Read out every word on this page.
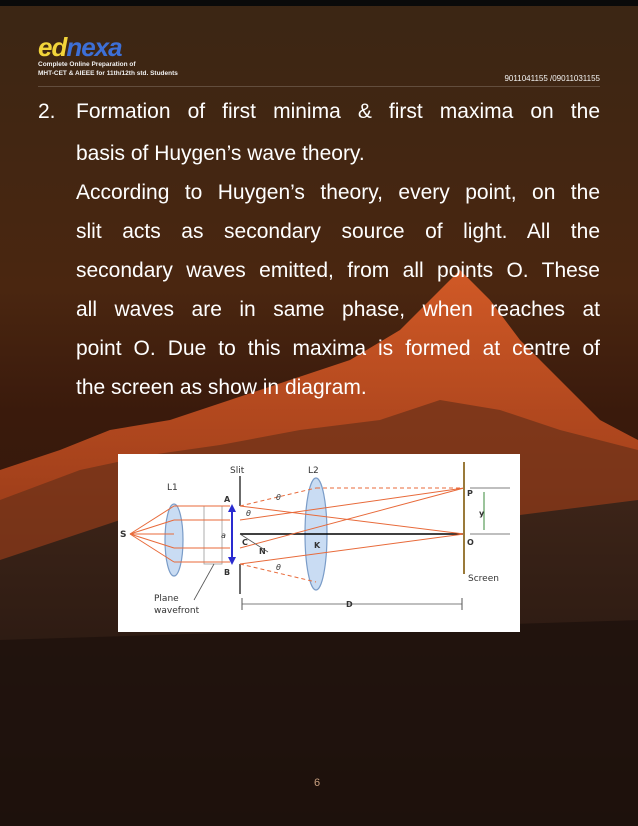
ednexa
Complete Online Preparation of
MHT-CET & AIEEE for 11th/12th std. Students
9011041155 /09011031155
2. Formation of first minima & first maxima on the
basis of Huygen’s wave theory.
According to Huygen’s theory, every point, on the
slit acts as secondary source of light. All the
secondary waves emitted, from all points O. These
all waves are in same phase, when reaches at
point O. Due to this maxima is formed at centre of
the screen as show in diagram.
Slit
L1
L2
S
A
B
C
N
K
a
θ
θ
θ
P
y
O
Screen
Plane
wavefront
D
6
